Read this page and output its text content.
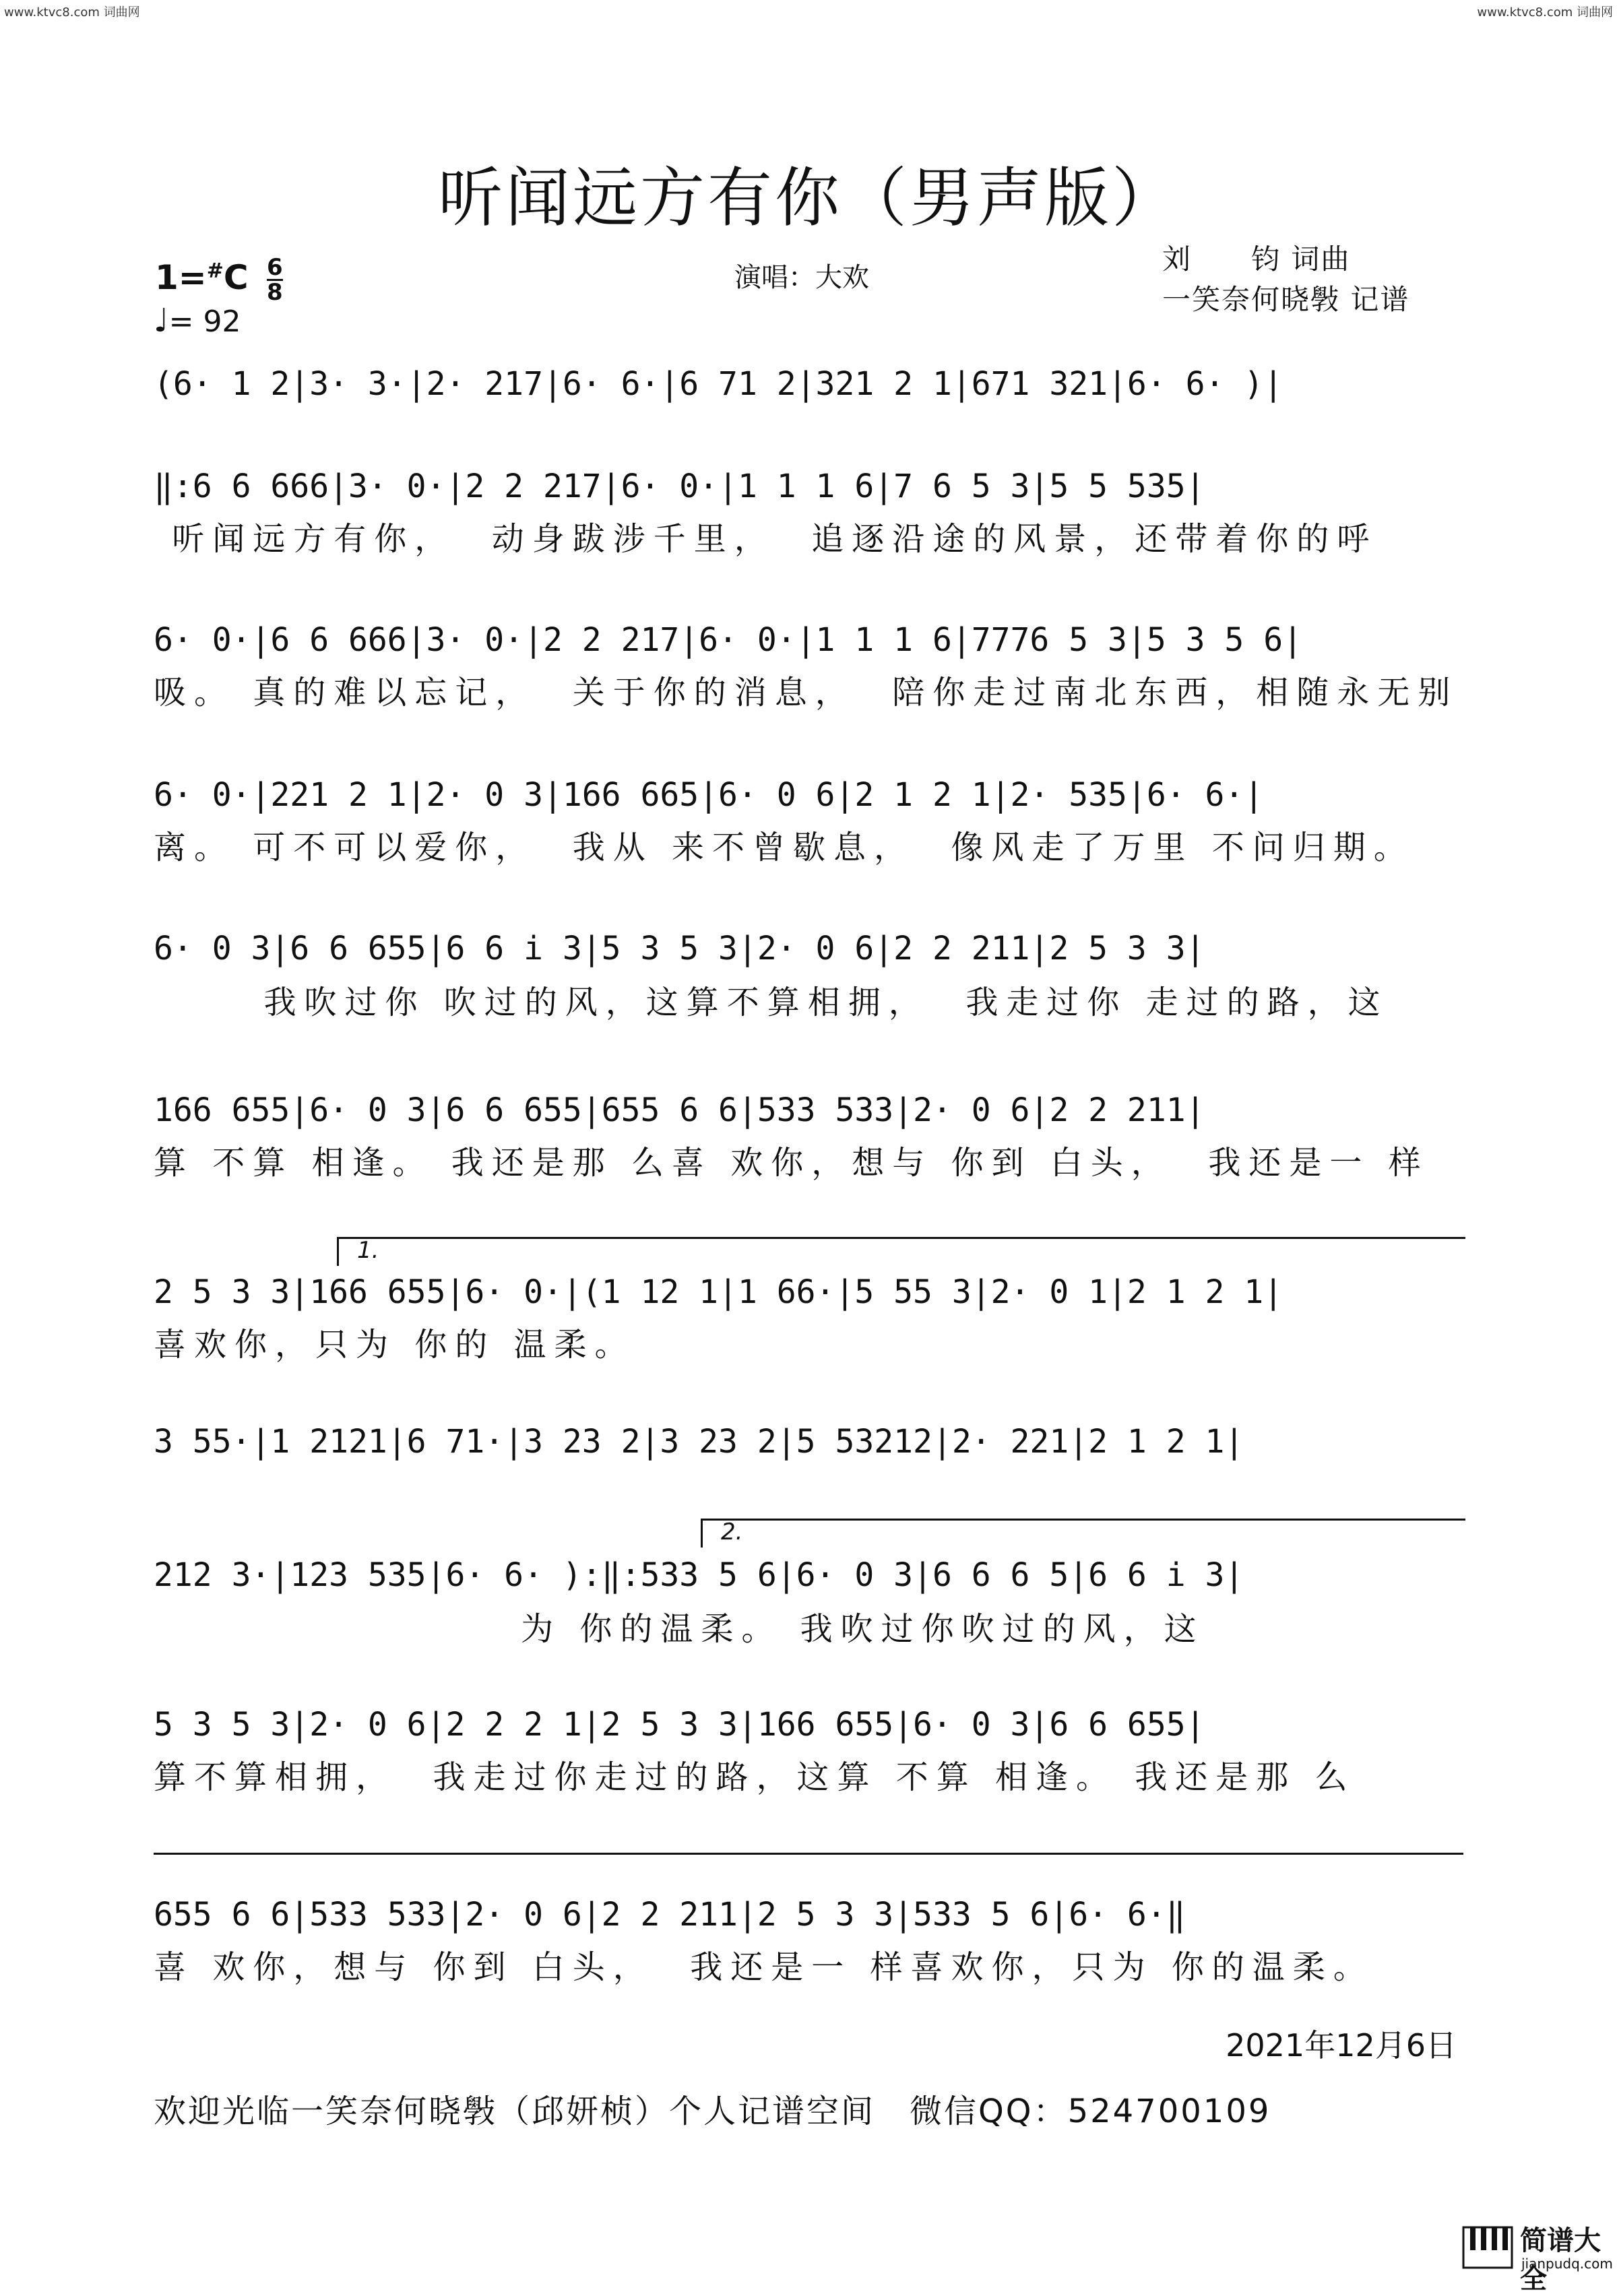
www.ktvc8.com 词曲网	www.ktvc8.com 词曲网
听闻远方有你（男声版）
$1=^{\#}C \frac{6}{8}$
♩= 92
演唱：大欢
刘　　钧 词曲
一笑奈何晓斅 记谱
(6· 1 2|3· 3·|2· 217|6· 6·|6 71 2|321 2 1|671 321|6· 6· )|
‖:6 6 666|3· 0·|2 2 217|6· 0·|1 1 1 6|7 6 5 3|5 5 535|
听闻远方有你，  动身跋涉千里，  追逐沿途的风景，还带着你的呼
6· 0·|6 6 666|3· 0·|2 2 217|6· 0·|1 1 1 6|7776 5 3|5 3 5 6|
吸。 真的难以忘记，  关于你的消息，  陪你走过南北东西，相随永无别
6· 0·|221 2 1|2· 0 3|166 665|6· 0 6|2 1 2 1|2· 535|6· 6·|
离。 可不可以爱你，  我从 来不曾歇息，  像风走了万里 不问归期。
6· 0 3|6 6 655|6 6 i 3|5 3 5 3|2· 0 6|2 2 211|2 5 3 3|
我吹过你 吹过的风，这算不算相拥，  我走过你 走过的路，这
166 655|6· 0 3|6 6 655|655 6 6|533 533|2· 0 6|2 2 211|
算 不算 相逢。 我还是那 么喜 欢你，想与 你到 白头，  我还是一 样
1.
2 5 3 3|166 655|6· 0·|(1 12 1|1 66·|5 55 3|2· 0 1|2 1 2 1|
喜欢你，只为 你的 温柔。
3 55·|1 2121|6 71·|3 23 2|3 23 2|5 53212|2· 221|2 1 2 1|
2.
212 3·|123 535|6· 6· ):‖:533 5 6|6· 0 3|6 6 6 5|6 6 i 3|
为 你的温柔。 我吹过你吹过的风，这
5 3 5 3|2· 0 6|2 2 2 1|2 5 3 3|166 655|6· 0 3|6 6 655|
算不算相拥，  我走过你走过的路，这算 不算 相逢。 我还是那 么
655 6 6|533 533|2· 0 6|2 2 211|2 5 3 3|533 5 6|6· 6·‖
喜 欢你，想与 你到 白头，  我还是一 样喜欢你，只为 你的温柔。
2021年12月6日
欢迎光临一笑奈何晓斅（邱妍桢）个人记谱空间　微信QQ：524700109
简谱大全
jianpudq.com
